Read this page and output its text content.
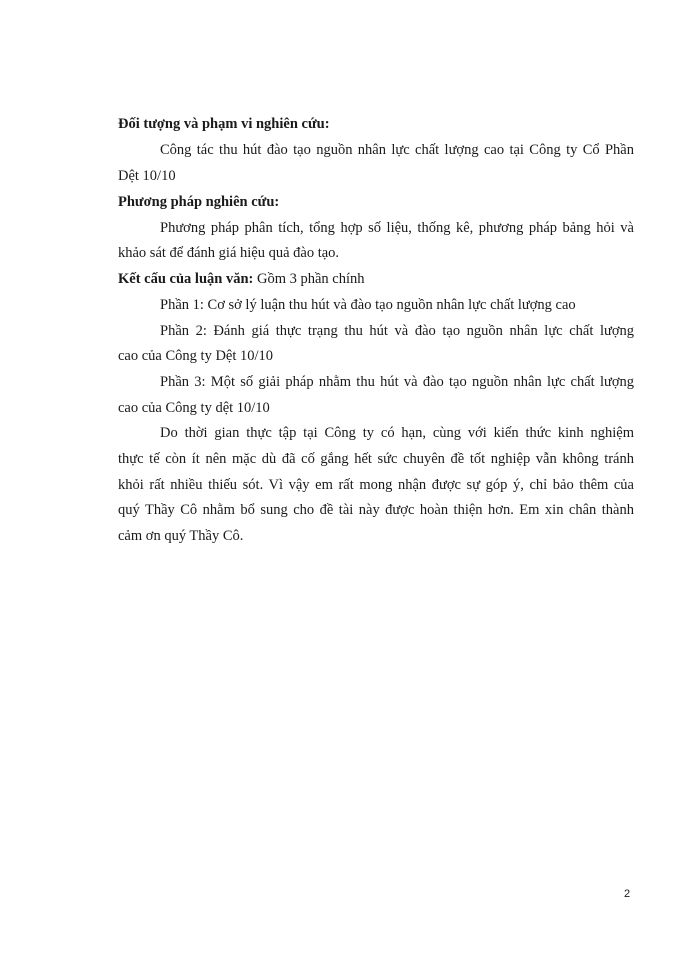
Đối tượng và phạm vi nghiên cứu:
Công tác thu hút đào tạo nguồn nhân lực chất lượng cao tại Công ty Cổ Phần
Dệt 10/10
Phương pháp nghiên cứu:
Phương pháp phân tích, tổng hợp số liệu, thống kê, phương pháp bảng hỏi và
khảo sát để đánh giá hiệu quả đào tạo.
Kết cấu của luận văn: Gồm 3 phần chính
Phần 1: Cơ sở lý luận thu hút và đào tạo nguồn nhân lực chất lượng cao
Phần 2: Đánh giá thực trạng thu hút và đào tạo nguồn nhân lực chất lượng
cao của Công ty Dệt 10/10
Phần 3: Một số giải pháp nhằm thu hút và đào tạo nguồn nhân lực chất lượng
cao của Công ty dệt 10/10
Do thời gian thực tập tại Công ty có hạn, cùng với kiến thức kinh nghiệm
thực tế còn ít nên mặc dù đã cố gắng hết sức chuyên đề tốt nghiệp vẫn không tránh
khỏi rất nhiều thiếu sót. Vì vậy em rất mong nhận được sự góp ý, chỉ bảo thêm của
quý Thầy Cô nhằm bổ sung cho đề tài này được hoàn thiện hơn. Em xin chân thành
cảm ơn quý Thầy Cô.
2
